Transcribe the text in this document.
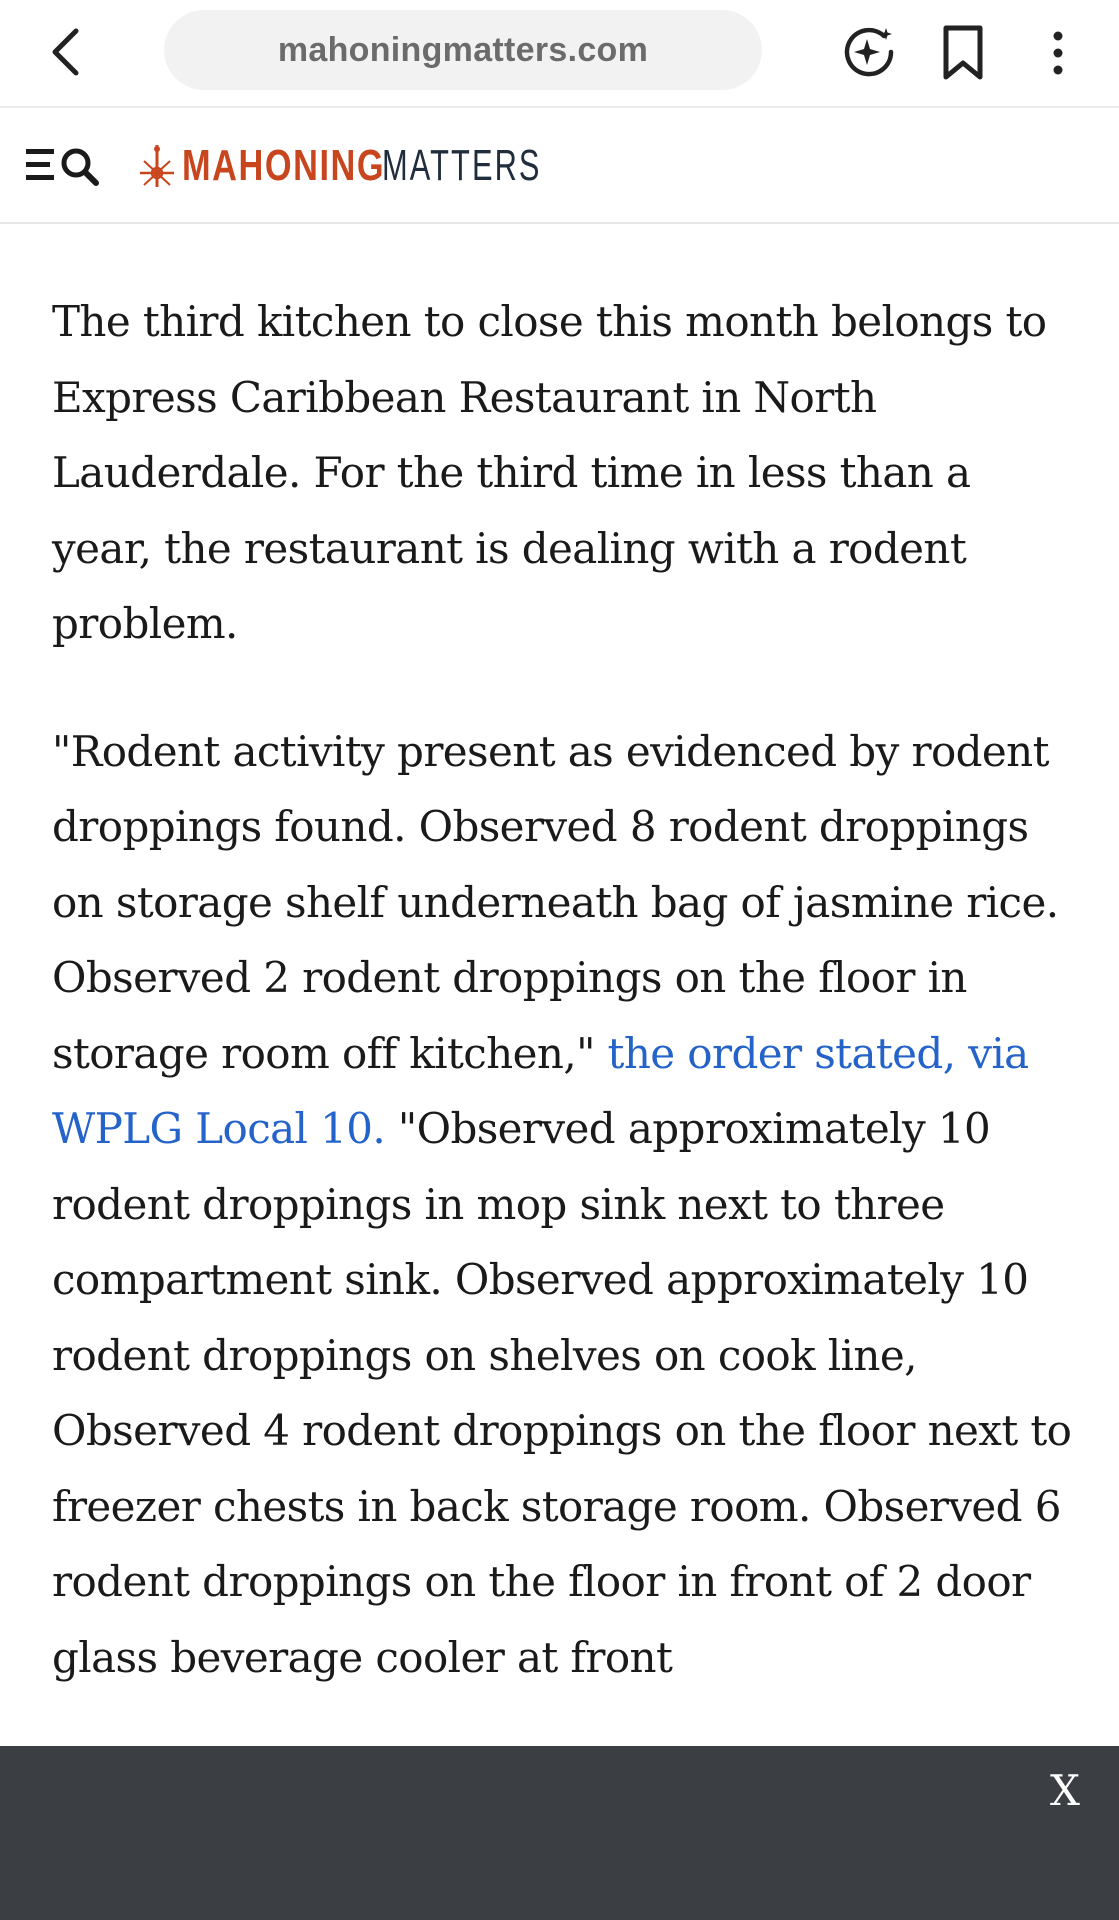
mahoningmatters.com
MAHONING
MATTERS

The third kitchen to close this month belongs to Express Caribbean Restaurant in North Lauderdale. For the third time in less than a year, the restaurant is dealing with a rodent problem.

"Rodent activity present as evidenced by rodent droppings found. Observed 8 rodent droppings on storage shelf underneath bag of jasmine rice. Observed 2 rodent droppings on the floor in storage room off kitchen," the order stated, via WPLG Local 10. "Observed approximately 10 rodent droppings in mop sink next to three compartment sink. Observed approximately 10 rodent droppings on shelves on cook line, Observed 4 rodent droppings on the floor next to freezer chests in back storage room. Observed 6 rodent droppings on the floor in front of 2 door glass beverage cooler at front

X
